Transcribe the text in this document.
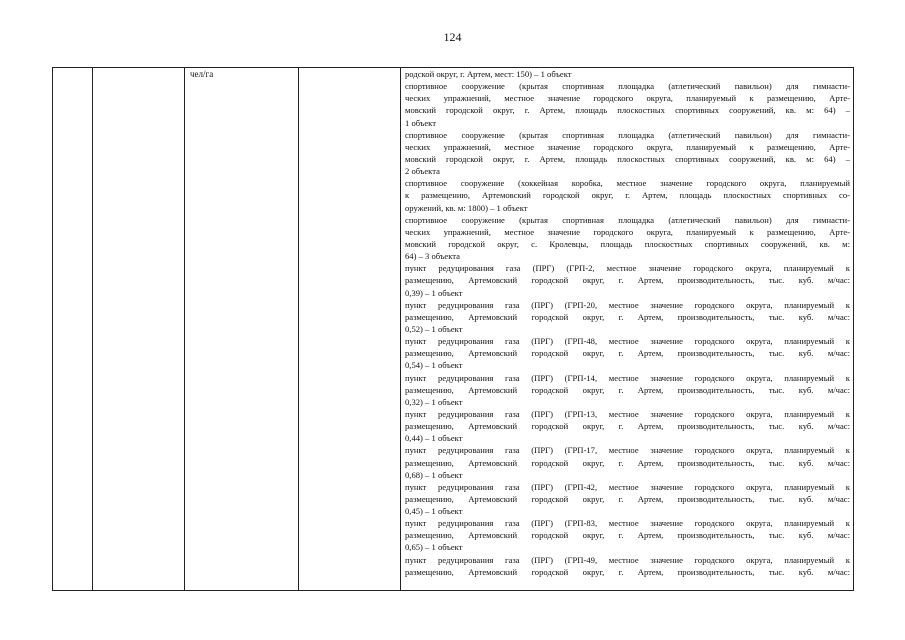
124
чел/га	родской округ, г. Артем, мест: 150) – 1 объект
спортивное сооружение (крытая спортивная площадка (атлетический павильон) для гимнасти-
ческих упражнений, местное значение городского округа, планируемый к размещению, Арте-
мовский городской округ, г. Артем, площадь плоскостных спортивных сооружений, кв. м: 64) –
1 объект
спортивное сооружение (крытая спортивная площадка (атлетический павильон) для гимнасти-
ческих упражнений, местное значение городского округа, планируемый к размещению, Арте-
мовский городской округ, г. Артем, площадь плоскостных спортивных сооружений, кв. м: 64) –
2 объекта
спортивное сооружение (хоккейная коробка, местное значение городского округа, планируемый
к размещению, Артемовский городской округ, г. Артем, площадь плоскостных спортивных со-
оружений, кв. м: 1800) – 1 объект
спортивное сооружение (крытая спортивная площадка (атлетический павильон) для гимнасти-
ческих упражнений, местное значение городского округа, планируемый к размещению, Арте-
мовский городской округ, с. Кролевцы, площадь плоскостных спортивных сооружений, кв. м:
64) – 3 объекта
пункт редуцирования газа (ПРГ) (ГРП-2, местное значение городского округа, планируемый к
размещению, Артемовский городской округ, г. Артем, производительность, тыс. куб. м/час:
0,39) – 1 объект
пункт редуцирования газа (ПРГ) (ГРП-20, местное значение городского округа, планируемый к
размещению, Артемовский городской округ, г. Артем, производительность, тыс. куб. м/час:
0,52) – 1 объект
пункт редуцирования газа (ПРГ) (ГРП-48, местное значение городского округа, планируемый к
размещению, Артемовский городской округ, г. Артем, производительность, тыс. куб. м/час:
0,54) – 1 объект
пункт редуцирования газа (ПРГ) (ГРП-14, местное значение городского округа, планируемый к
размещению, Артемовский городской округ, г. Артем, производительность, тыс. куб. м/час:
0,32) – 1 объект
пункт редуцирования газа (ПРГ) (ГРП-13, местное значение городского округа, планируемый к
размещению, Артемовский городской округ, г. Артем, производительность, тыс. куб. м/час:
0,44) – 1 объект
пункт редуцирования газа (ПРГ) (ГРП-17, местное значение городского округа, планируемый к
размещению, Артемовский городской округ, г. Артем, производительность, тыс. куб. м/час:
0,68) – 1 объект
пункт редуцирования газа (ПРГ) (ГРП-42, местное значение городского округа, планируемый к
размещению, Артемовский городской округ, г. Артем, производительность, тыс. куб. м/час:
0,45) – 1 объект
пункт редуцирования газа (ПРГ) (ГРП-83, местное значение городского округа, планируемый к
размещению, Артемовский городской округ, г. Артем, производительность, тыс. куб. м/час:
0,65) – 1 объект
пункт редуцирования газа (ПРГ) (ГРП-49, местное значение городского округа, планируемый к
размещению, Артемовский городской округ, г. Артем, производительность, тыс. куб. м/час:
